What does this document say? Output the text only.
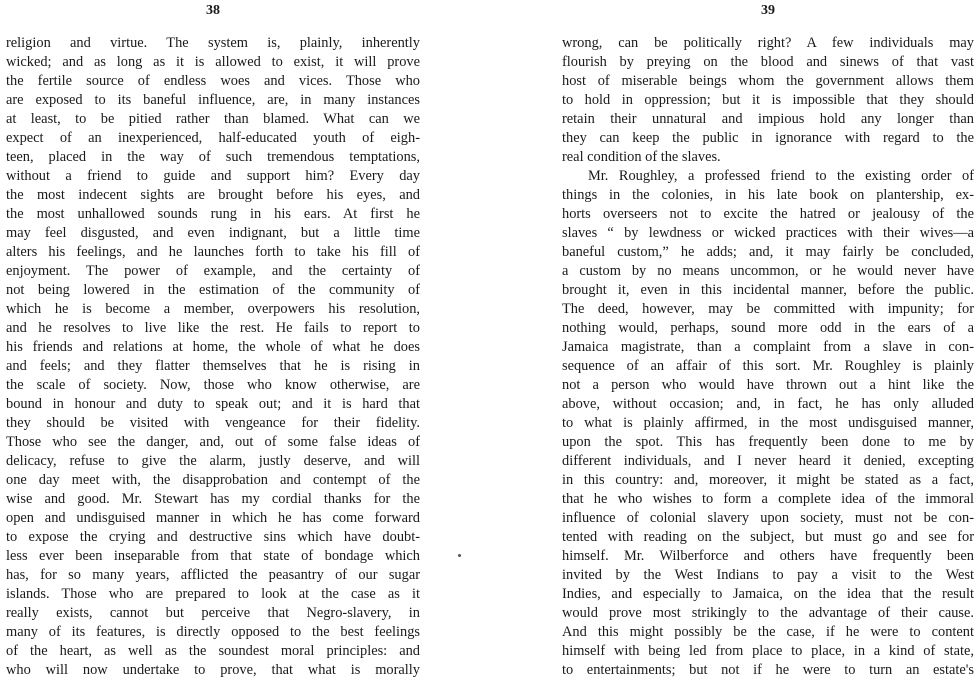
38
religion and virtue. The system is, plainly, inherently
wicked; and as long as it is allowed to exist, it will prove
the fertile source of endless woes and vices. Those who
are exposed to its baneful influence, are, in many instances
at least, to be pitied rather than blamed. What can we
expect of an inexperienced, half-educated youth of eigh-
teen, placed in the way of such tremendous temptations,
without a friend to guide and support him? Every day
the most indecent sights are brought before his eyes, and
the most unhallowed sounds rung in his ears. At first he
may feel disgusted, and even indignant, but a little time
alters his feelings, and he launches forth to take his fill of
enjoyment. The power of example, and the certainty of
not being lowered in the estimation of the community of
which he is become a member, overpowers his resolution,
and he resolves to live like the rest. He fails to report to
his friends and relations at home, the whole of what he does
and feels; and they flatter themselves that he is rising in
the scale of society. Now, those who know otherwise, are
bound in honour and duty to speak out; and it is hard that
they should be visited with vengeance for their fidelity.
Those who see the danger, and, out of some false ideas of
delicacy, refuse to give the alarm, justly deserve, and will
one day meet with, the disapprobation and contempt of the
wise and good. Mr. Stewart has my cordial thanks for the
open and undisguised manner in which he has come forward
to expose the crying and destructive sins which have doubt-
less ever been inseparable from that state of bondage which
has, for so many years, afflicted the peasantry of our sugar
islands. Those who are prepared to look at the case as it
really exists, cannot but perceive that Negro-slavery, in
many of its features, is directly opposed to the best feelings
of the heart, as well as the soundest moral principles: and
who will now undertake to prove, that what is morally
39
wrong, can be politically right? A few individuals may
flourish by preying on the blood and sinews of that vast
host of miserable beings whom the government allows them
to hold in oppression; but it is impossible that they should
retain their unnatural and impious hold any longer than
they can keep the public in ignorance with regard to the
real condition of the slaves.
Mr. Roughley, a professed friend to the existing order of
things in the colonies, in his late book on plantership, ex-
horts overseers not to excite the hatred or jealousy of the
slaves “ by lewdness or wicked practices with their wives—a
baneful custom,” he adds; and, it may fairly be concluded,
a custom by no means uncommon, or he would never have
brought it, even in this incidental manner, before the public.
The deed, however, may be committed with impunity; for
nothing would, perhaps, sound more odd in the ears of a
Jamaica magistrate, than a complaint from a slave in con-
sequence of an affair of this sort. Mr. Roughley is plainly
not a person who would have thrown out a hint like the
above, without occasion; and, in fact, he has only alluded
to what is plainly affirmed, in the most undisguised manner,
upon the spot. This has frequently been done to me by
different individuals, and I never heard it denied, excepting
in this country: and, moreover, it might be stated as a fact,
that he who wishes to form a complete idea of the immoral
influence of colonial slavery upon society, must not be con-
tented with reading on the subject, but must go and see for
himself. Mr. Wilberforce and others have frequently been
invited by the West Indians to pay a visit to the West
Indies, and especially to Jamaica, on the idea that the result
would prove most strikingly to the advantage of their cause.
And this might possibly be the case, if he were to content
himself with being led from place to place, in a kind of state,
to entertainments; but not if he were to turn an estate's
